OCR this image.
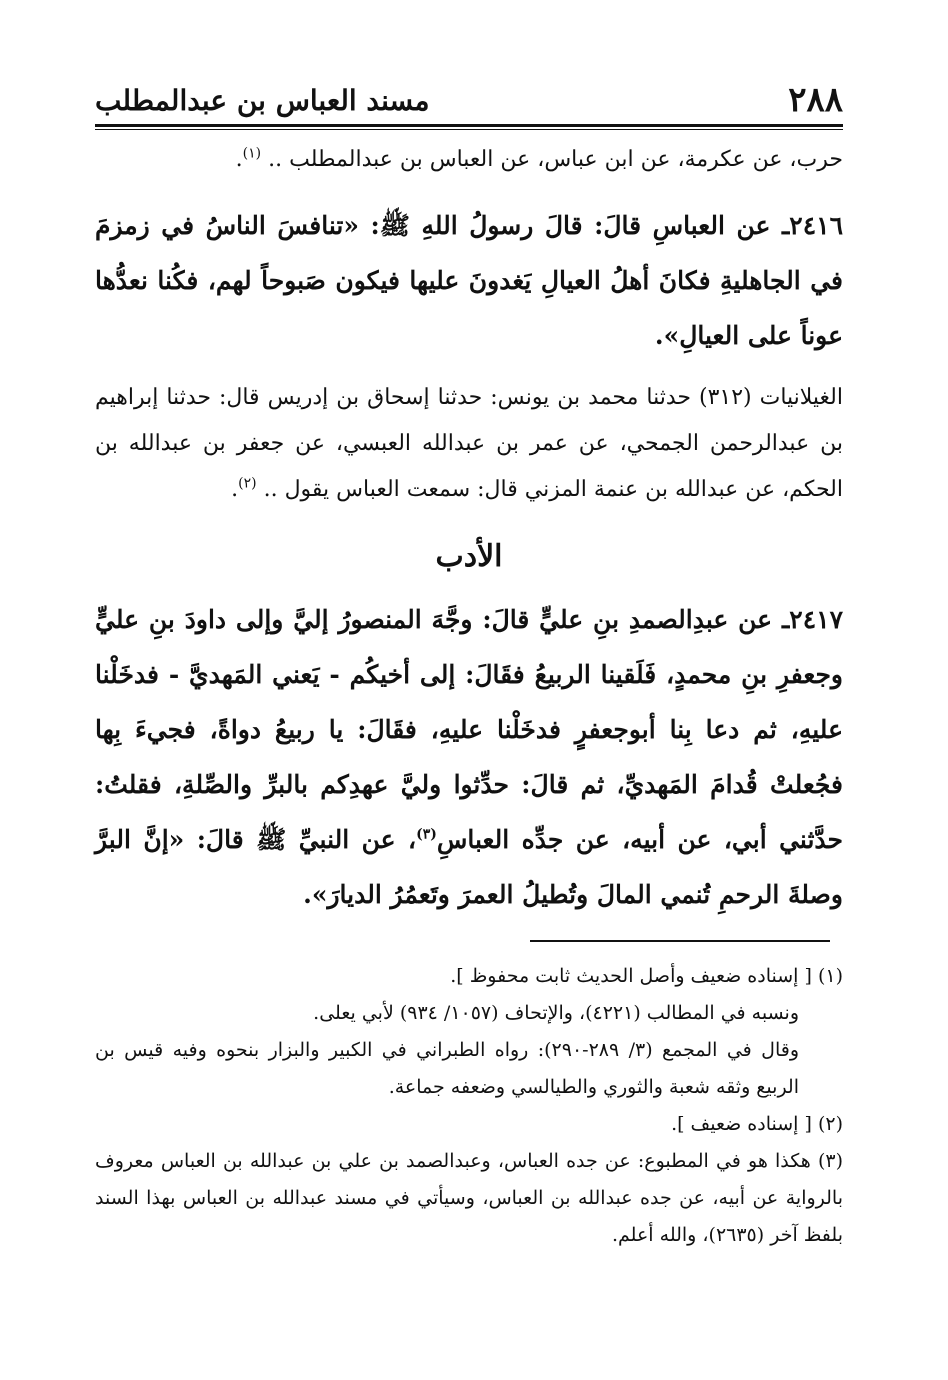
٢٨٨
مسند العباس بن عبدالمطلب

حرب، عن عكرمة، عن ابن عباس، عن العباس بن عبدالمطلب .. $^{(١)}$.

٢٤١٦ـ عن العباسِ قالَ: قالَ رسولُ اللهِ ﷺ: «تنافسَ الناسُ في زمزمَ في الجاهليةِ فكانَ أهلُ العيالِ يَغدونَ عليها فيكون صَبوحاً لهم، فكُنا نعدُّها عوناً على العيالِ».

الغيلانيات (٣١٢) حدثنا محمد بن يونس: حدثنا إسحاق بن إدريس قال: حدثنا إبراهيم بن عبدالرحمن الجمحي، عن عمر بن عبدالله العبسي، عن جعفر بن عبدالله بن الحكم، عن عبدالله بن عنمة المزني قال: سمعت العباس يقول .. $^{(٢)}$.

الأدب

٢٤١٧ـ عن عبدِالصمدِ بنِ عليٍّ قالَ: وجَّهَ المنصورُ إليَّ وإلى داودَ بنِ عليٍّ وجعفرِ بنِ محمدٍ، فَلَقينا الربيعُ فقَالَ: إلى أخيكُم - يَعني المَهديَّ - فدخَلْنا عليهِ، ثم دعا بِنا أبوجعفرٍ فدخَلْنا عليهِ، فقَالَ: يا ربيعُ دواةً، فجيءَ بِها فجُعلتْ قُدامَ المَهديِّ، ثم قالَ: حدِّثوا وليَّ عهدِكم بالبرِّ والصِّلةِ، فقلتُ: حدَّثني أبي، عن أبيه، عن جدِّه العباسِ$^{(٣)}$، عن النبيِّ ﷺ قالَ: «إنَّ البرَّ وصلةَ الرحمِ تُنمي المالَ وتُطيلُ العمرَ وتَعمُرُ الديارَ».

(١) [ إسناده ضعيف وأصل الحديث ثابت محفوظ ].

ونسبه في المطالب (٤٢٢١)، والإتحاف (١٠٥٧/ ٩٣٤) لأبي يعلى.

وقال في المجمع (٣/ ٢٨٩-٢٩٠): رواه الطبراني في الكبير والبزار بنحوه وفيه قيس بن الربيع وثقه شعبة والثوري والطيالسي وضعفه جماعة.

(٢) [ إسناده ضعيف ].

(٣) هكذا هو في المطبوع: عن جده العباس، وعبدالصمد بن علي بن عبدالله بن العباس معروف بالرواية عن أبيه، عن جده عبدالله بن العباس، وسيأتي في مسند عبدالله بن العباس بهذا السند بلفظ آخر (٢٦٣٥)، والله أعلم.
